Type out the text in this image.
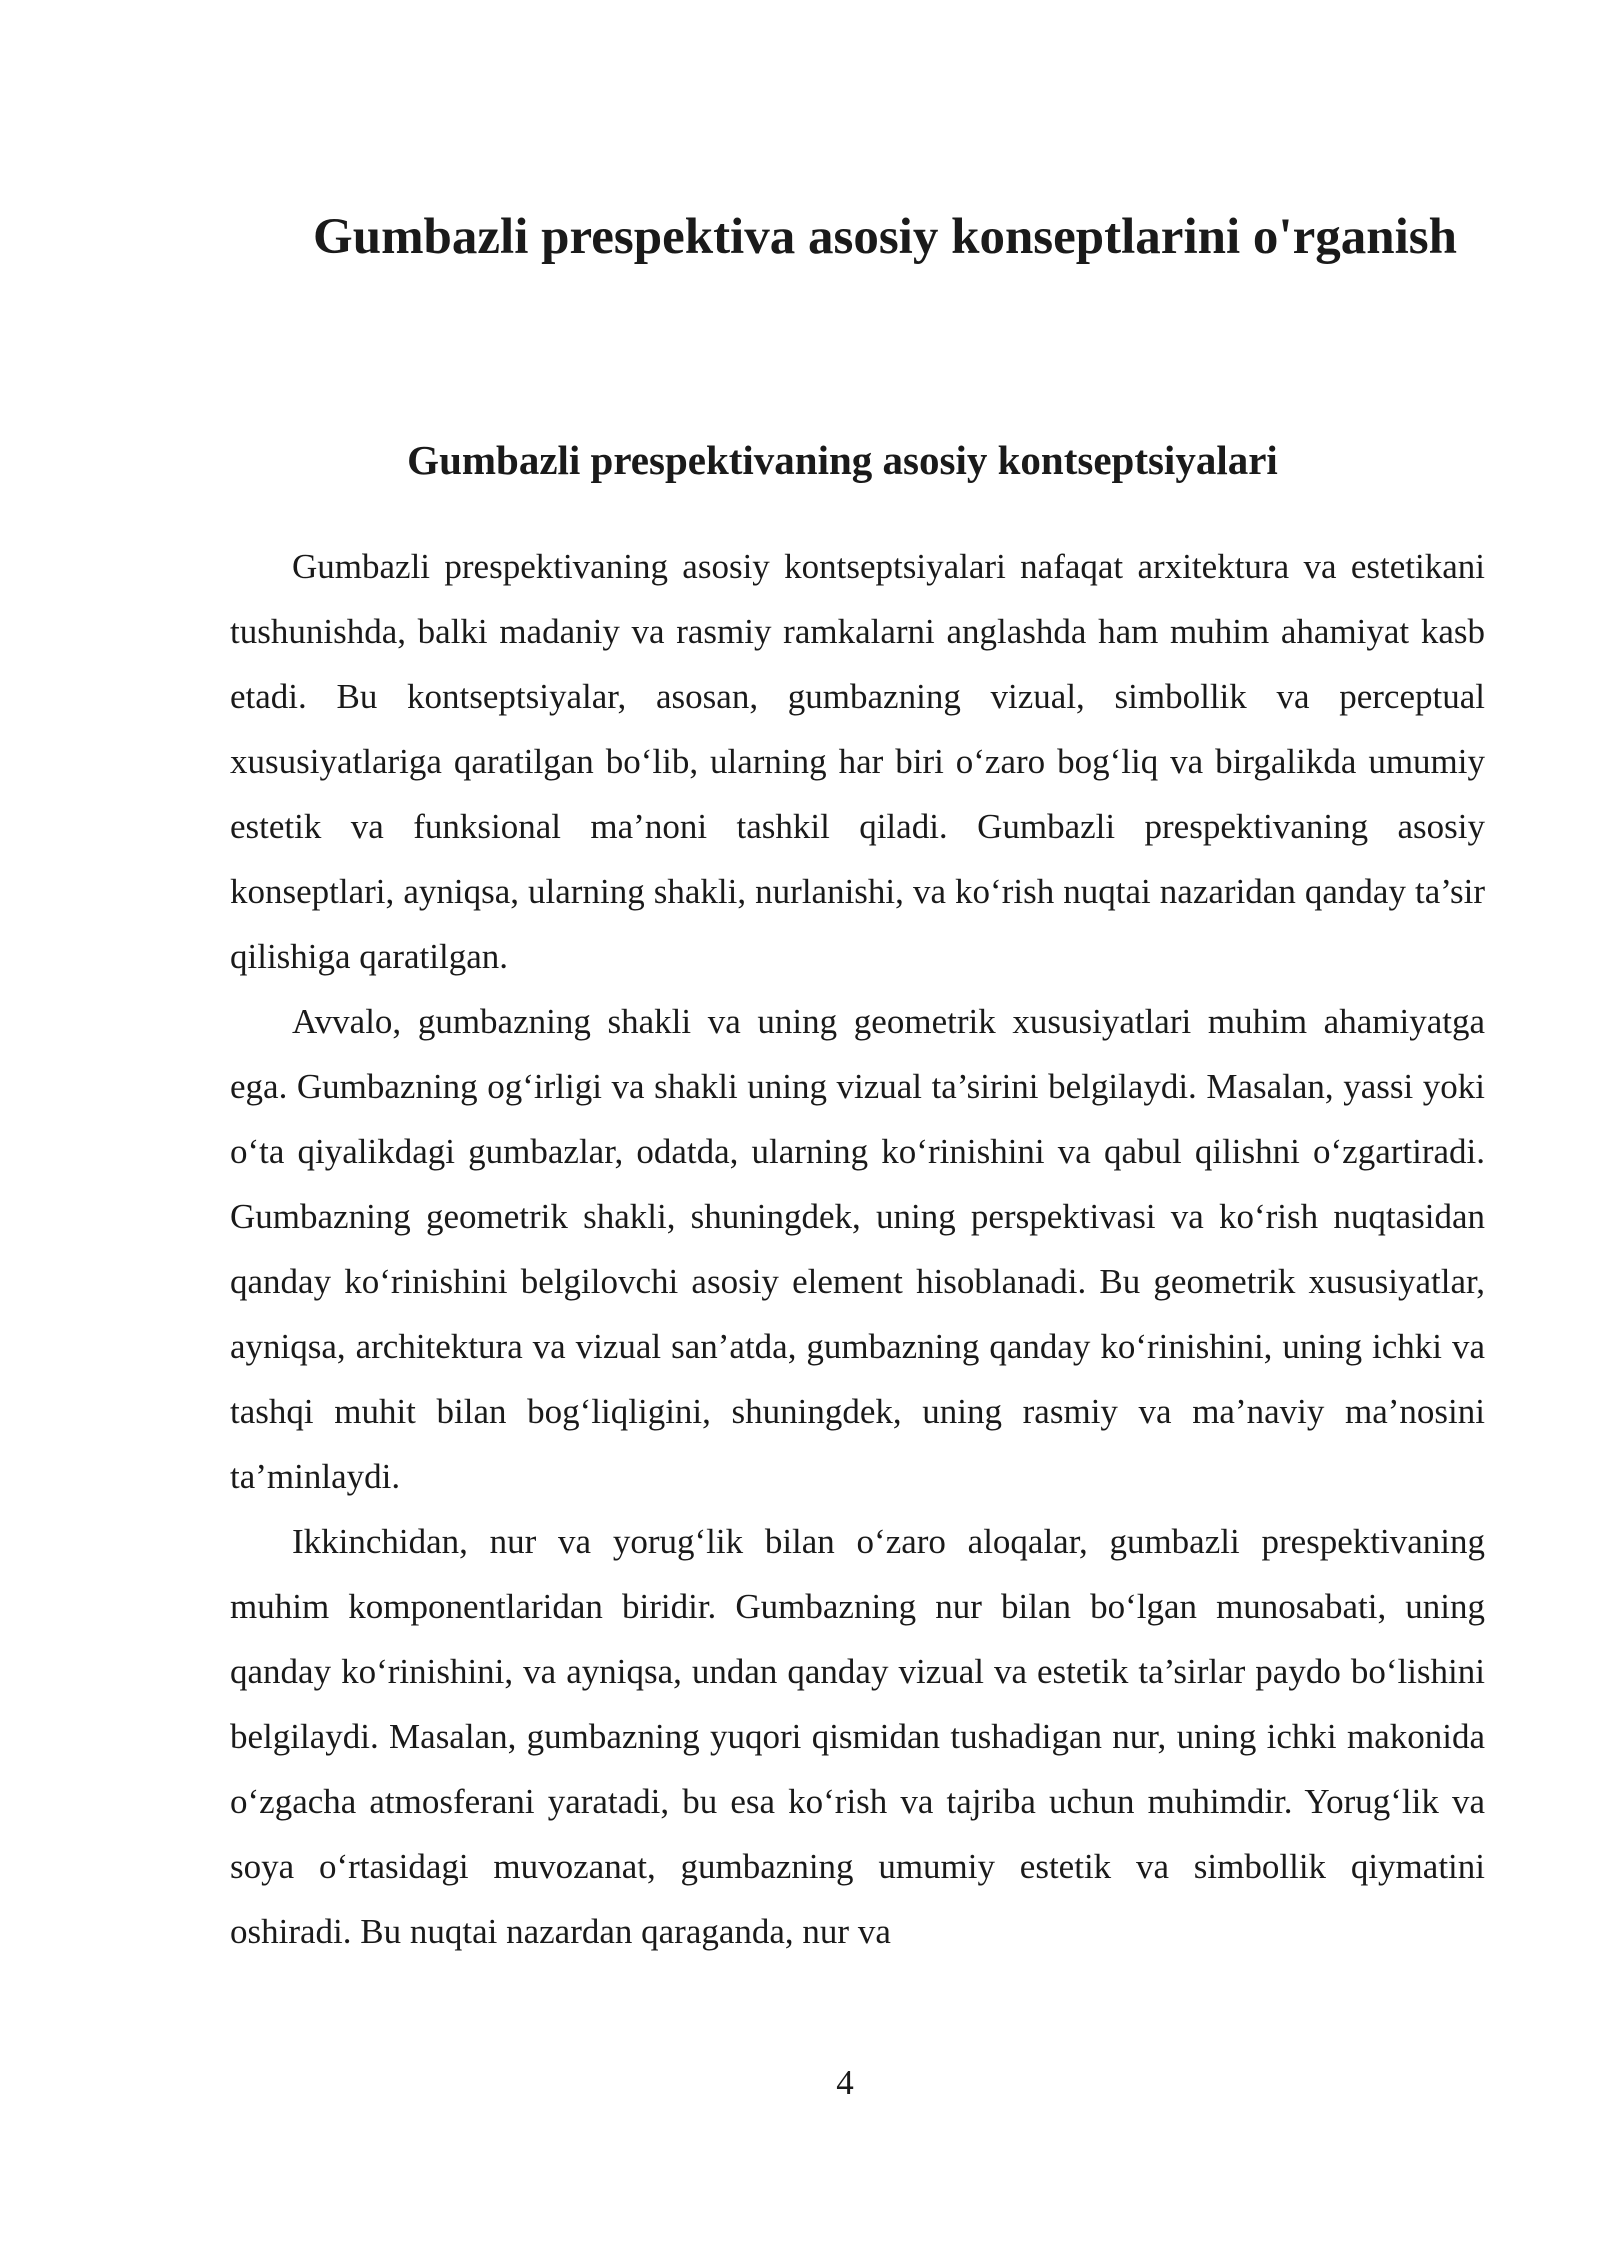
Gumbazli prespektiva asosiy konseptlarini o'rganish
Gumbazli prespektivaning asosiy kontseptsiyalari

Gumbazli prespektivaning asosiy kontseptsiyalari nafaqat arxitektura va estetikani tushunishda, balki madaniy va rasmiy ramkalarni anglashda ham muhim ahamiyat kasb etadi. Bu kontseptsiyalar, asosan, gumbazning vizual, simbollik va perceptual xususiyatlariga qaratilgan bo‘lib, ularning har biri o‘zaro bog‘liq va birgalikda umumiy estetik va funksional ma’noni tashkil qiladi. Gumbazli prespektivaning asosiy konseptlari, ayniqsa, ularning shakli, nurlanishi, va ko‘rish nuqtai nazaridan qanday ta’sir qilishiga qaratilgan.

Avvalo, gumbazning shakli va uning geometrik xususiyatlari muhim ahamiyatga ega. Gumbazning og‘irligi va shakli uning vizual ta’sirini belgilaydi. Masalan, yassi yoki o‘ta qiyalikdagi gumbazlar, odatda, ularning ko‘rinishini va qabul qilishni o‘zgartiradi. Gumbazning geometrik shakli, shuningdek, uning perspektivasi va ko‘rish nuqtasidan qanday ko‘rinishini belgilovchi asosiy element hisoblanadi. Bu geometrik xususiyatlar, ayniqsa, architektura va vizual san’atda, gumbazning qanday ko‘rinishini, uning ichki va tashqi muhit bilan bog‘liqligini, shuningdek, uning rasmiy va ma’naviy ma’nosini ta’minlaydi.

Ikkinchidan, nur va yorug‘lik bilan o‘zaro aloqalar, gumbazli prespektivaning muhim komponentlaridan biridir. Gumbazning nur bilan bo‘lgan munosabati, uning qanday ko‘rinishini, va ayniqsa, undan qanday vizual va estetik ta’sirlar paydo bo‘lishini belgilaydi. Masalan, gumbazning yuqori qismidan tushadigan nur, uning ichki makonida o‘zgacha atmosferani yaratadi, bu esa ko‘rish va tajriba uchun muhimdir. Yorug‘lik va soya o‘rtasidagi muvozanat, gumbazning umumiy estetik va simbollik qiymatini oshiradi. Bu nuqtai nazardan qaraganda, nur va

4
